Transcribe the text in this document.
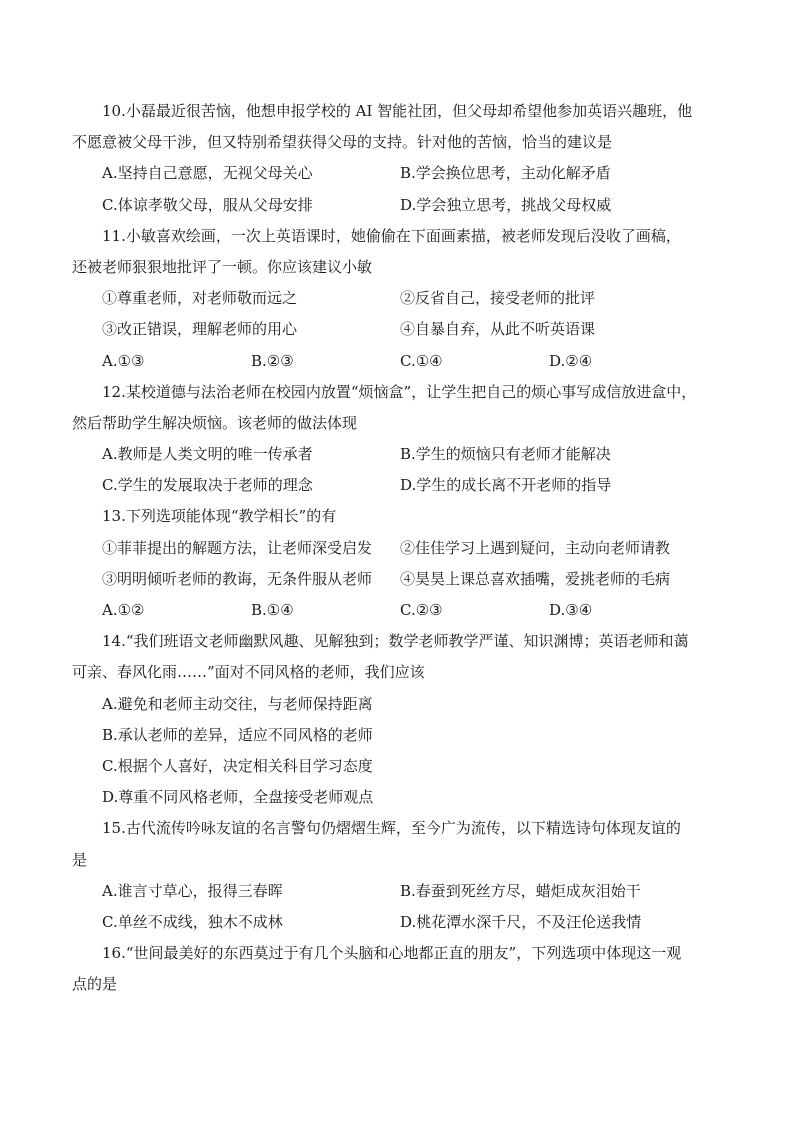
10.小磊最近很苦恼，他想申报学校的 AI 智能社团，但父母却希望他参加英语兴趣班，他
不愿意被父母干涉，但又特别希望获得父母的支持。针对他的苦恼，恰当的建议是
A.坚持自己意愿，无视父母关心	B.学会换位思考，主动化解矛盾
C.体谅孝敬父母，服从父母安排	D.学会独立思考，挑战父母权威
11.小敏喜欢绘画，一次上英语课时，她偷偷在下面画素描，被老师发现后没收了画稿，
还被老师狠狠地批评了一顿。你应该建议小敏
①尊重老师，对老师敬而远之	②反省自己，接受老师的批评
③改正错误，理解老师的用心	④自暴自弃，从此不听英语课
A.①③	B.②③	C.①④	D.②④
12.某校道德与法治老师在校园内放置“烦恼盒”，让学生把自己的烦心事写成信放进盒中，
然后帮助学生解决烦恼。该老师的做法体现
A.教师是人类文明的唯一传承者	B.学生的烦恼只有老师才能解决
C.学生的发展取决于老师的理念	D.学生的成长离不开老师的指导
13.下列选项能体现“教学相长”的有
①菲菲提出的解题方法，让老师深受启发	②佳佳学习上遇到疑问，主动向老师请教
③明明倾听老师的教诲，无条件服从老师	④昊昊上课总喜欢插嘴，爱挑老师的毛病
A.①②	B.①④	C.②③	D.③④
14.“我们班语文老师幽默风趣、见解独到；数学老师教学严谨、知识渊博；英语老师和蔼
可亲、春风化雨……”面对不同风格的老师，我们应该
A.避免和老师主动交往，与老师保持距离
B.承认老师的差异，适应不同风格的老师
C.根据个人喜好，决定相关科目学习态度
D.尊重不同风格老师，全盘接受老师观点
15.古代流传吟咏友谊的名言警句仍熠熠生辉，至今广为流传，以下精选诗句体现友谊的
是
A.谁言寸草心，报得三春晖	B.春蚕到死丝方尽，蜡炬成灰泪始干
C.单丝不成线，独木不成林	D.桃花潭水深千尺，不及汪伦送我情
16.“世间最美好的东西莫过于有几个头脑和心地都正直的朋友”，下列选项中体现这一观
点的是
